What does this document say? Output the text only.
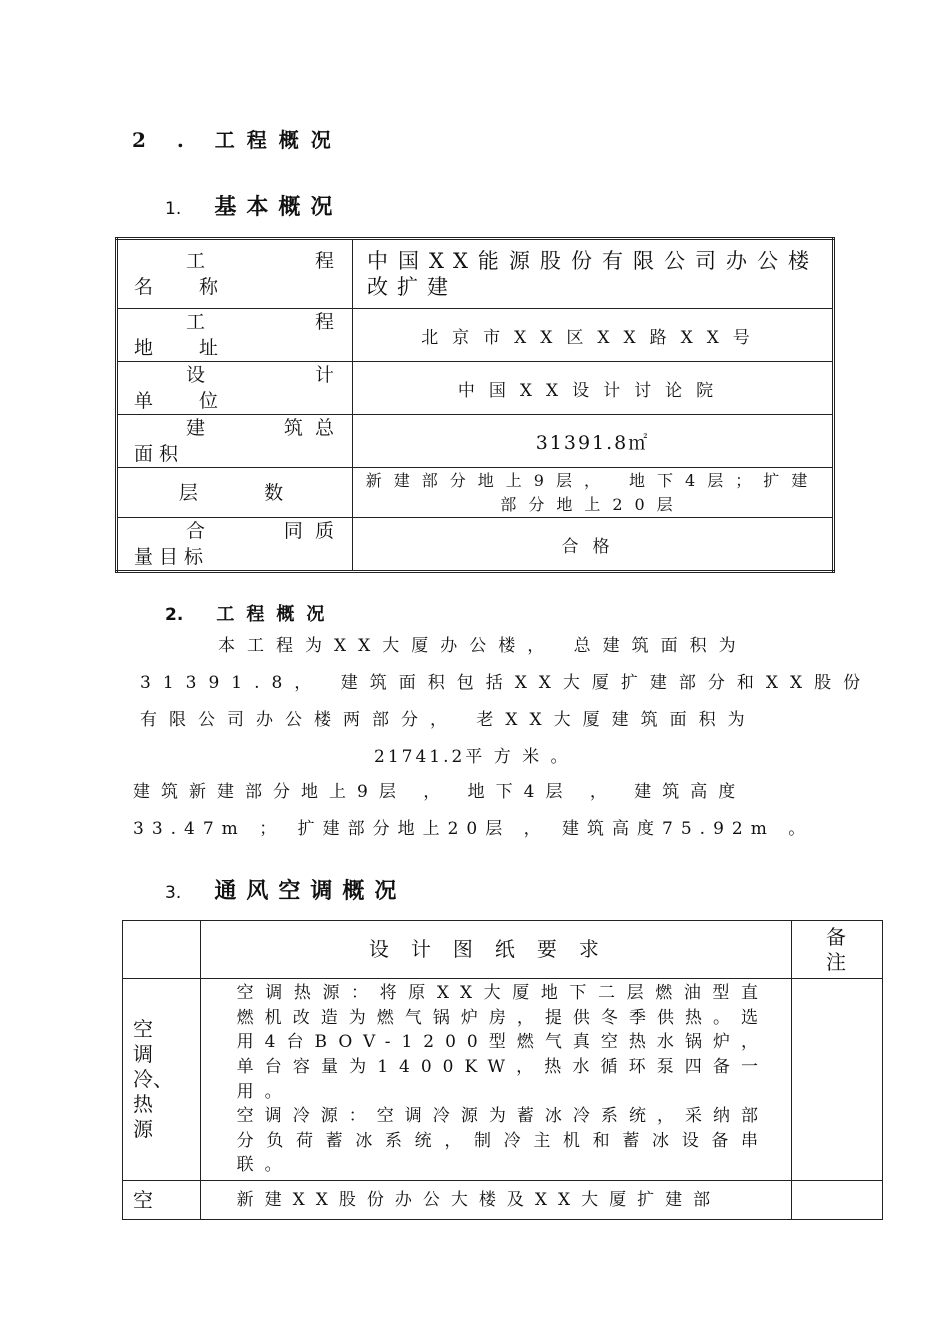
2 . 工程概况
1. 基本概况
工 程
名 称	中国XX能源股份有限公司办公楼改扩建

工 程
地 址	北京市XX区XX路XX号

设 计
单 位	中国XX设计讨论院

建 筑  总
面积	31391.8㎡
层     数	新建部分地上9层， 地下4层；扩建
部分地上20层

合 同  质
量目标	合格
2. 工程概况
本工程为XX大厦办公楼， 总建筑面积为
31391.8， 建筑面积包括XX大厦扩建部分和XX股份
有限公司办公楼两部分， 老XX大厦建筑面积为
21741.2平 方 米 。
建筑新建部分地上9层 ， 地下4层 ， 建筑高度
33.47m ； 扩建部分地上20层 ， 建筑高度75.92m 。
3. 通风空调概况
	设计图纸要求	备注

空调冷、热源	空调热源：将原XX大厦地下二层燃油型直燃机改造为燃气锅炉房，提供冬季供热。选用4台BOV-1200型燃气真空热水锅炉，单台容量为1400KW，热水循环泵四备一用。
空调冷源：空调冷源为蓄冰冷系统，采纳部分负荷蓄冰系统，制冷主机和蓄冰设备串联。	

空	新建XX股份办公大楼及XX大厦扩建部	
